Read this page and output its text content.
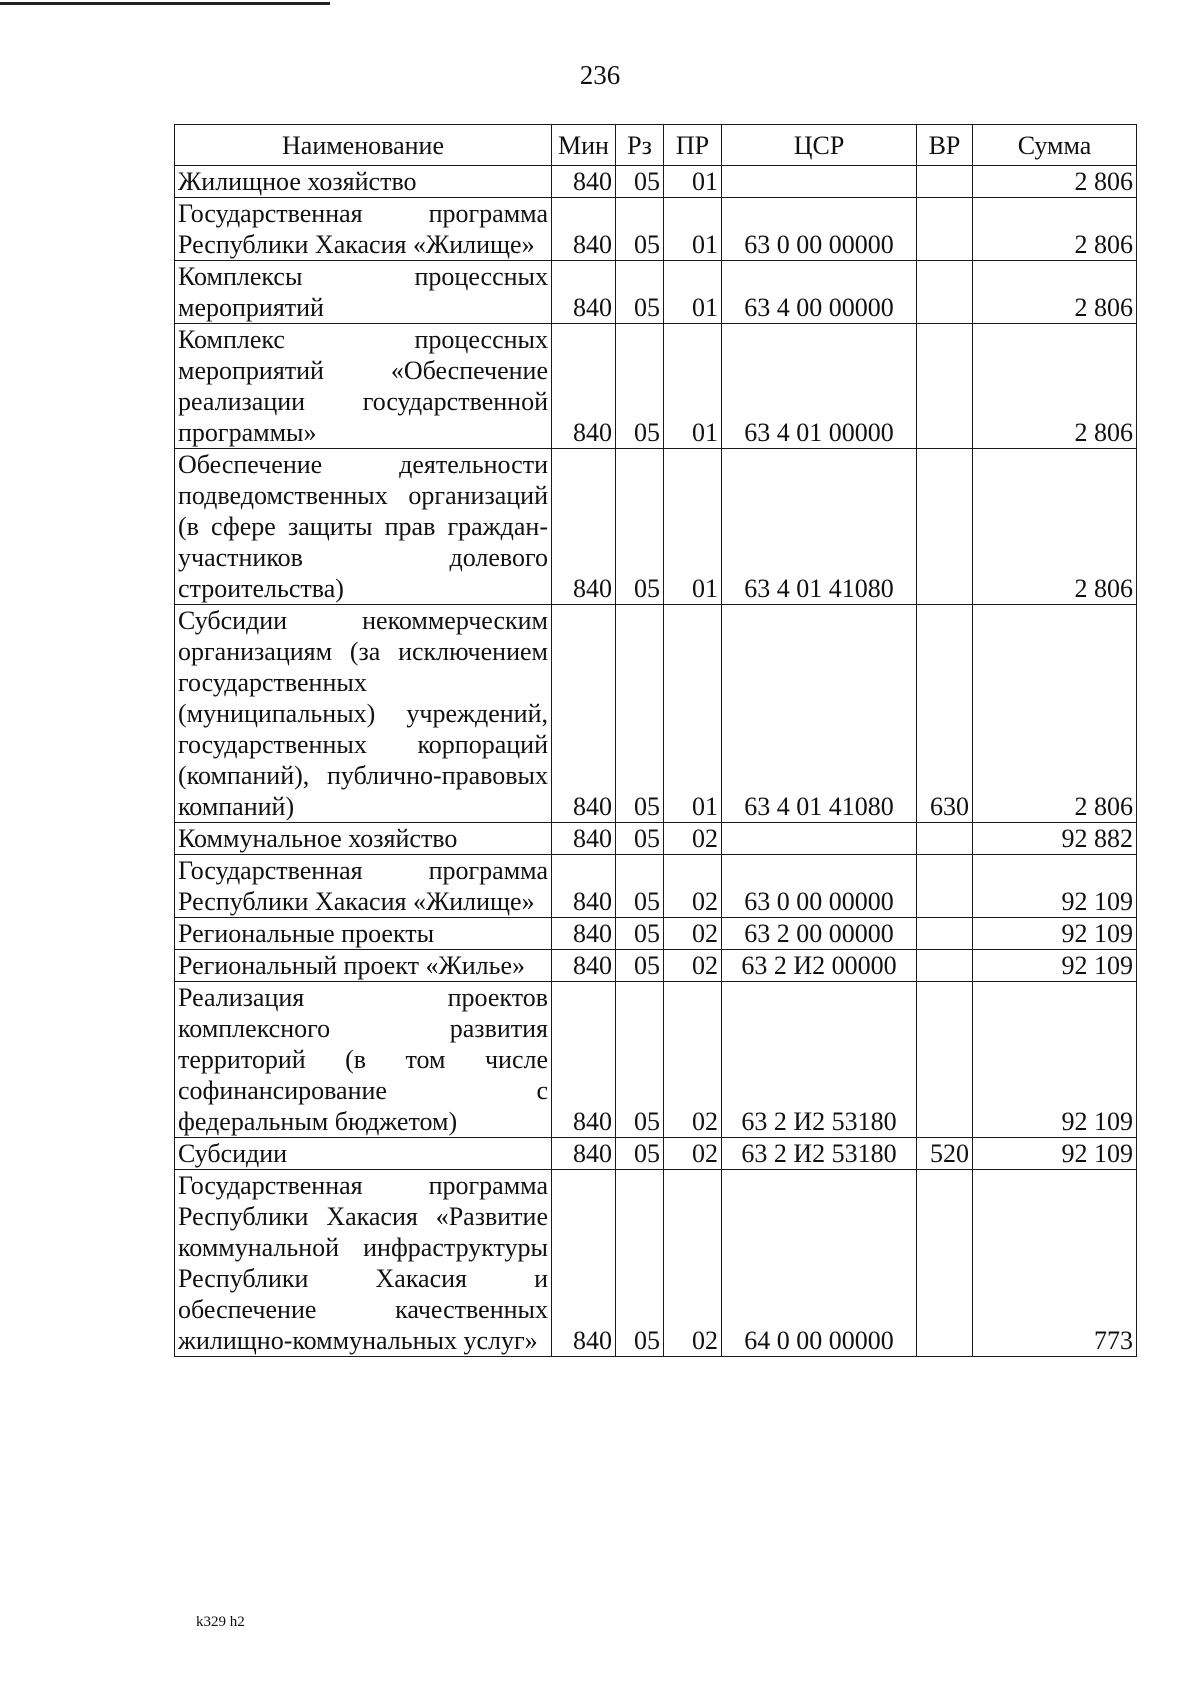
236
Наименование	Мин	Рз	ПР	ЦСР	ВР	Сумма
Жилищное хозяйство	840	05	01			2 806
Государственная программа Республики Хакасия «Жилище»	840	05	01	63 0 00 00000		2 806
Комплексы процессных мероприятий	840	05	01	63 4 00 00000		2 806
Комплекс процессных мероприятий «Обеспечение реализации государственной программы»	840	05	01	63 4 01 00000		2 806
Обеспечение деятельности подведомственных организаций (в сфере защиты прав граждан-участников долевого строительства)	840	05	01	63 4 01 41080		2 806
Субсидии некоммерческим организациям (за исключением государственных (муниципальных) учреждений, государственных корпораций (компаний), публично-правовых компаний)	840	05	01	63 4 01 41080	630	2 806
Коммунальное хозяйство	840	05	02			92 882
Государственная программа Республики Хакасия «Жилище»	840	05	02	63 0 00 00000		92 109
Региональные проекты	840	05	02	63 2 00 00000		92 109
Региональный проект «Жилье»	840	05	02	63 2 И2 00000		92 109
Реализация проектов комплексного развития территорий (в том числе софинансирование с федеральным бюджетом)	840	05	02	63 2 И2 53180		92 109
Субсидии	840	05	02	63 2 И2 53180	520	92 109
Государственная программа Республики Хакасия «Развитие коммунальной инфраструктуры Республики Хакасия и обеспечение качественных жилищно-коммунальных услуг»	840	05	02	64 0 00 00000		773
k329 h2
